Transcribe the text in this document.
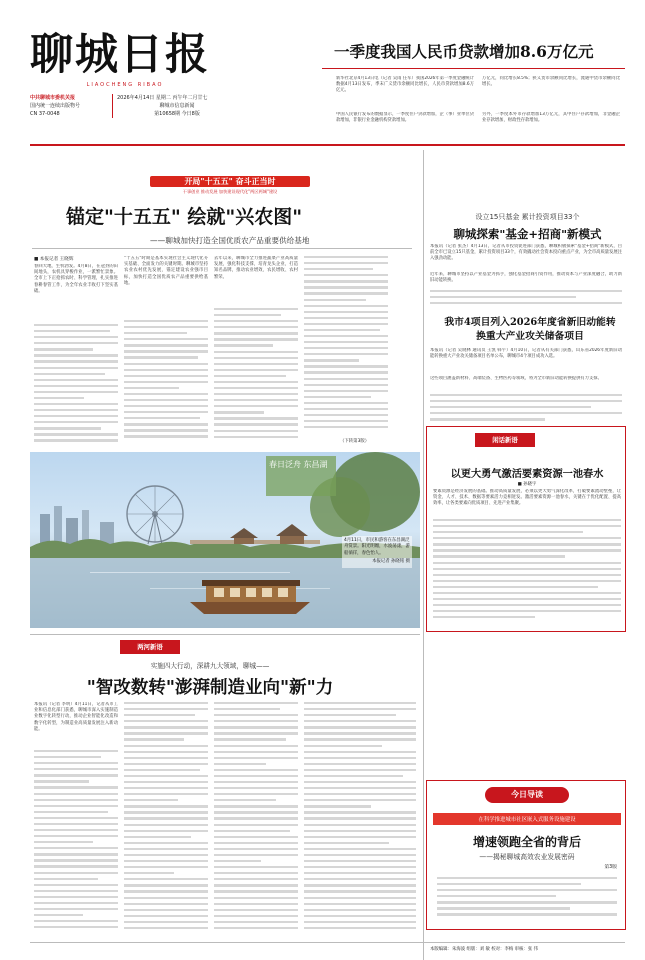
聊城日报
LIAOCHENG RIBAO
中共聊城市委机关报
国内统一连续出版物号
CN 37-0048
2026年4月14日 星期二 丙午年二月廿七
聊城市信息新闻
第10658期 今日8版
一季度我国人民币贷款增加8.6万亿元
新华社北京4月13日电（记者 吴雨 任军）我国2026年第一季度金融统计数据4月13日发布，季末广义货币余额同比增长，人民币贷款增加8.6万亿元。
万亿元，同比增长8.5%；狭义货币余额同比增长，流通中货币余额同比增长。
中国人民银行发布的数据显示，一季度住户贷款增加，企（事）业单位贷款增加，非银行业金融机构贷款增加。
另外，一季度本外币存款增加13万亿元，其中住户存款增加，非金融企业存款增加，财政性存款增加。
开局"十五五" 奋斗正当时
干事创业 推动发展 加快建设现代化"两区两城"建设
锚定"十五五" 绘就"兴农图"
——聊城加快打造全国优质农产品重要供给基地
■ 本报记者 王晓辉
春回大地，生机勃发。4月8日，在冠县的田间地头，农机具穿梭作业，一派繁忙景象。全市上下正抢抓农时、科学管理，扎实推进春耕春管工作，为全年农业丰收打下坚实基础。
"十五五"时期是基本实现社会主义现代化夯实基础、全面发力的关键时期。聊城市坚持农业农村优先发展，锚定建设农业强市目标，加快打造全国优质农产品重要供给基地。
去年以来，聊城市全力推进蔬菜产业高质量发展，强化科技支撑，培育龙头企业，打造知名品牌，推动农业增效、农民增收、农村繁荣。
（下转第3版）
春日泛舟 东昌湖
4月11日，市民和游客在东昌湖泛舟赏景。阳光明媚，水波荡漾，游船徜徉，春色怡人。
本报记者 孙晓铭 摄
设立15只基金 累计投资项目33个
聊城探索"基金+招商"新模式
本报讯（记者 张杰）4月13日，记者从市投资促进部门获悉，聊城积极探索"基金+招商"新模式，目前全市已设立15只基金，累计投资项目33个，有效撬动社会资本投向重点产业，为全市高质量发展注入强劲动能。
近年来，聊城市坚持以产业基金为抓手，强化基金招商引资作用，推动资本与产业深度融合，助力新旧动能转换。
我市4项目列入2026年度省新旧动能转换重大产业攻关储备项目
本报讯（记者 吴晓林 通讯员 王凯 韩宇）4月10日，记者从有关部门获悉，山东省2026年度新旧动能转换重大产业攻关储备项目名单公布，聊城市4个项目成功入选。
这些项目涵盖新材料、高端装备、生物医药等领域，将为全市新旧动能转换提供有力支撑。
闲话新语
以更大勇气激活要素资源一池春水
■ 孙晓宇
要素资源是经济发展的基础。推动高质量发展，必须以更大勇气深化改革，打破要素流动壁垒，让资金、人才、技术、数据等要素活力竞相迸发。激活要素资源一池春水，关键在于优化配置、提高效率，让各类要素向优质项目、先进产业集聚。
两河新语
实施四大行动，深耕九大领域，聊城——
"智改数转"澎湃制造业向"新"力
本报讯（记者 李明）4月11日，记者从市工业和信息化部门获悉，聊城市深入实施制造业数字化转型行动，推动企业智能化改造和数字化转型，为制造业高质量发展注入新动能。
今日导读
在科学推进城市社区嵌入式服务设施建设
增速领跑全省的背后
——揭秘聊城高效农业发展密码
第3版
本版编辑：朱海波 组版：刘 敏 校对：李梅 审核：张 伟
